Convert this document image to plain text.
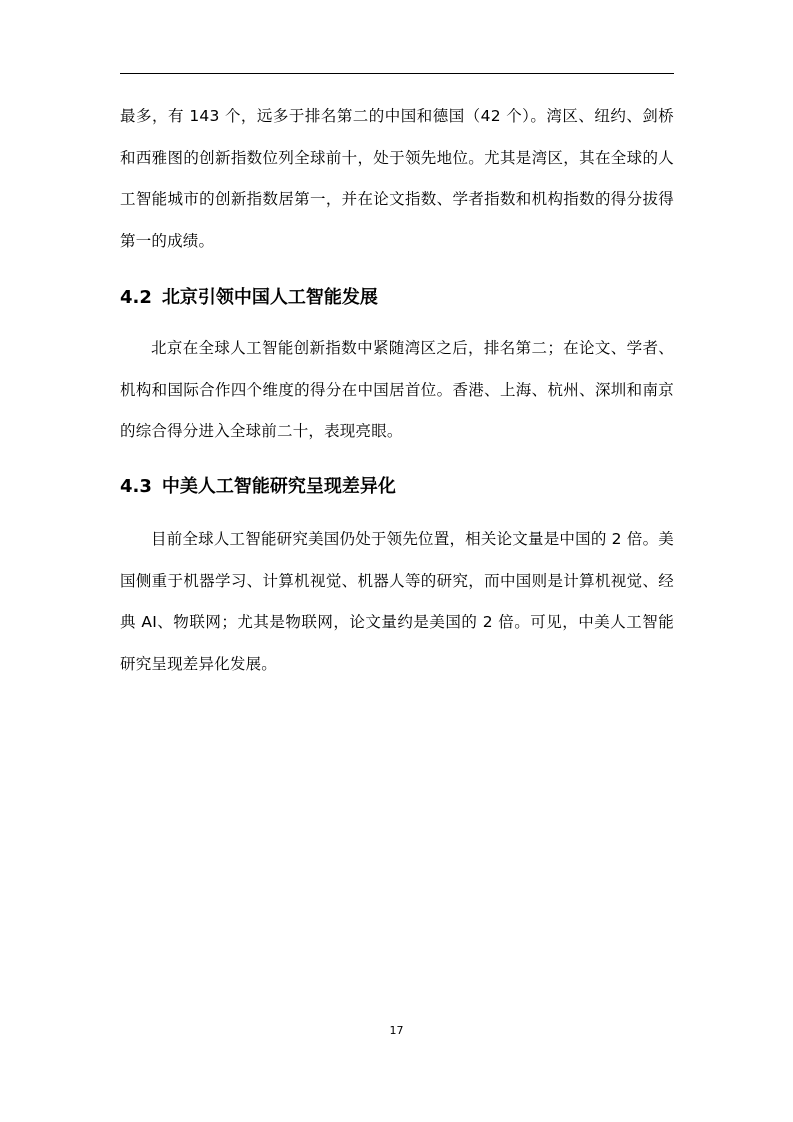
最多，有 143 个，远多于排名第二的中国和德国（42 个）。湾区、纽约、剑桥和西雅图的创新指数位列全球前十，处于领先地位。尤其是湾区，其在全球的人工智能城市的创新指数居第一，并在论文指数、学者指数和机构指数的得分拔得第一的成绩。

4.2 北京引领中国人工智能发展

北京在全球人工智能创新指数中紧随湾区之后，排名第二；在论文、学者、机构和国际合作四个维度的得分在中国居首位。香港、上海、杭州、深圳和南京的综合得分进入全球前二十，表现亮眼。

4.3 中美人工智能研究呈现差异化

目前全球人工智能研究美国仍处于领先位置，相关论文量是中国的 2 倍。美国侧重于机器学习、计算机视觉、机器人等的研究，而中国则是计算机视觉、经典 AI、物联网；尤其是物联网，论文量约是美国的 2 倍。可见，中美人工智能研究呈现差异化发展。

17
